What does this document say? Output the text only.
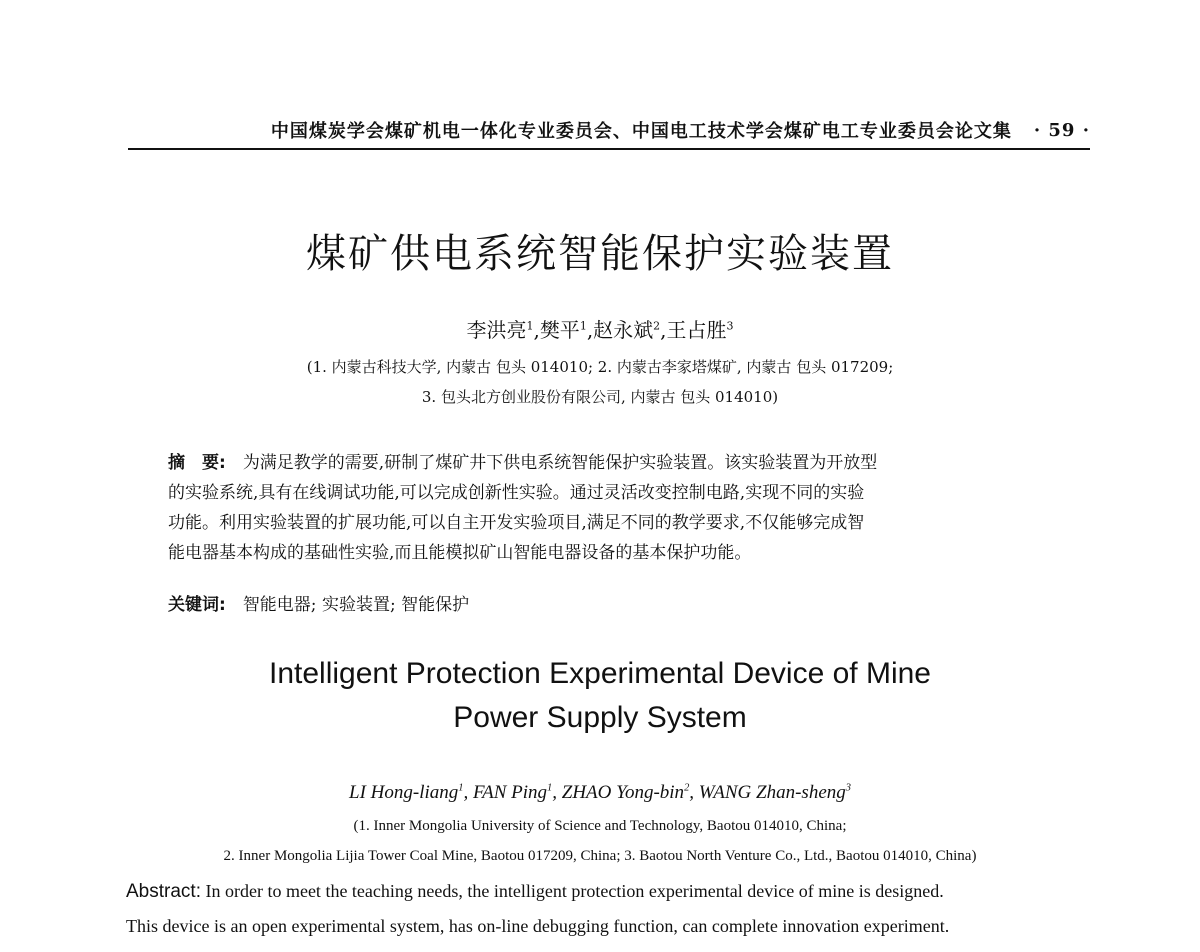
中国煤炭学会煤矿机电一体化专业委员会、中国电工技术学会煤矿电工专业委员会论文集 · 59 ·
煤矿供电系统智能保护实验装置
李洪亮$^1$,樊平$^1$,赵永斌$^2$,王占胜$^3$
(1. 内蒙古科技大学, 内蒙古 包头 014010; 2. 内蒙古李家塔煤矿, 内蒙古 包头 017209;
3. 包头北方创业股份有限公司, 内蒙古 包头 014010)
摘　要:　 为满足教学的需要,研制了煤矿井下供电系统智能保护实验装置。该实验装置为开放型
的实验系统,具有在线调试功能,可以完成创新性实验。通过灵活改变控制电路,实现不同的实验
功能。利用实验装置的扩展功能,可以自主开发实验项目,满足不同的教学要求,不仅能够完成智
能电器基本构成的基础性实验,而且能模拟矿山智能电器设备的基本保护功能。
关键词:　 智能电器; 实验装置; 智能保护
Intelligent Protection Experimental Device of Mine
Power Supply System
LI Hong-liang$^1$, FAN Ping$^1$, ZHAO Yong-bin$^2$, WANG Zhan-sheng$^3$
(1. Inner Mongolia University of Science and Technology, Baotou 014010, China;
2. Inner Mongolia Lijia Tower Coal Mine, Baotou 017209, China; 3. Baotou North Venture Co., Ltd., Baotou 014010, China)
Abstract: In order to meet the teaching needs, the intelligent protection experimental device of mine is designed.
This device is an open experimental system, has on-line debugging function, can complete innovation experiment.
